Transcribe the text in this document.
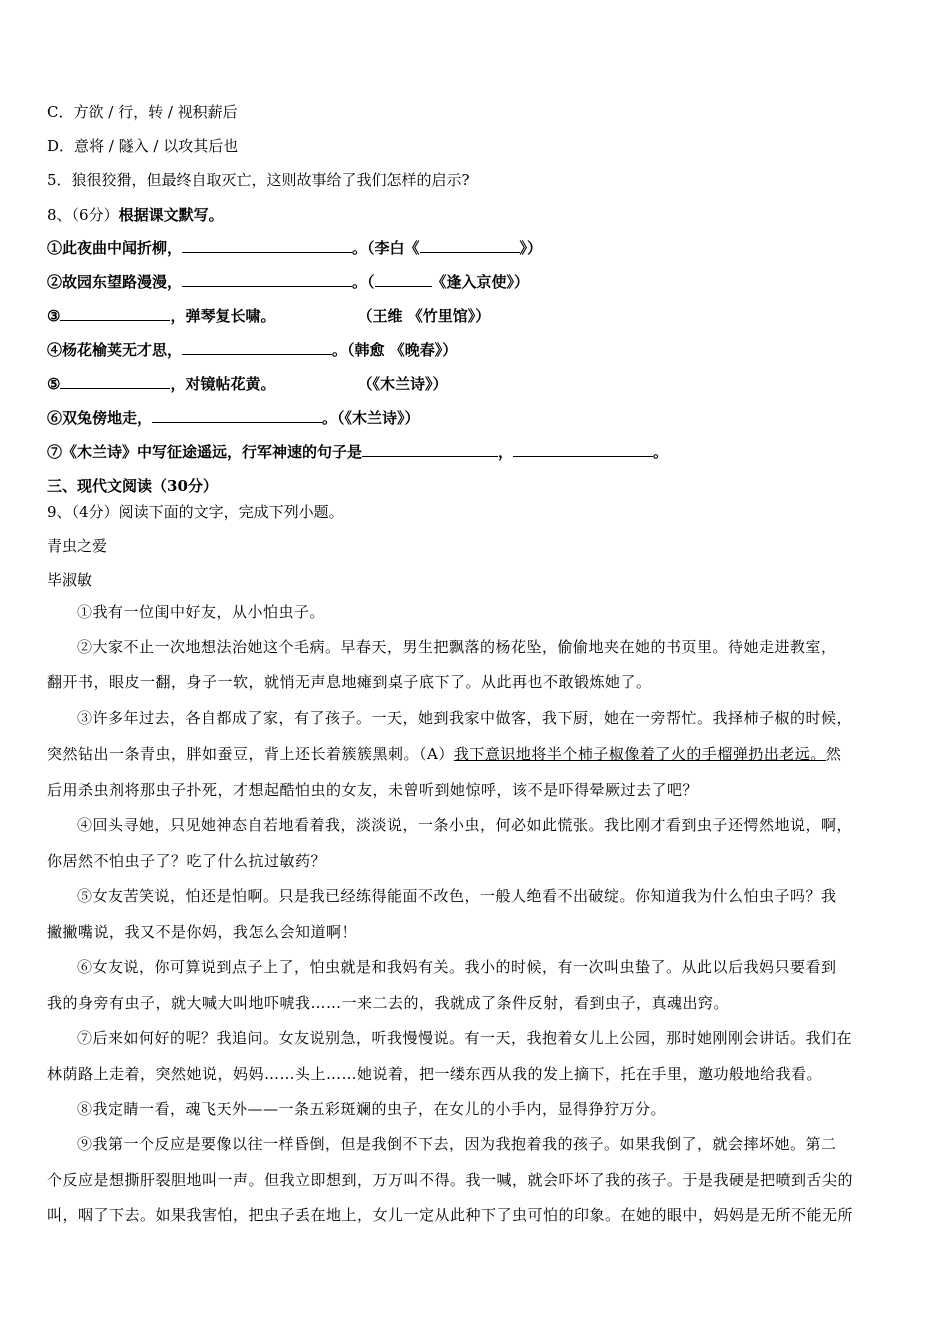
C．方欲 / 行，转 / 视积薪后
D．意将 / 隧入 / 以攻其后也
5．狼很狡猾，但最终自取灭亡，这则故事给了我们怎样的启示?
8、（6分）根据课文默写。
①此夜曲中闻折柳，	。（李白《	》）
②故园东望路漫漫，	。（	《逢入京使》）
③	，弹琴复长啸。	（王维 《竹里馆》）
④杨花榆荚无才思，	。（韩愈 《晚春》）
⑤	，对镜帖花黄。	（《木兰诗》）
⑥双兔傍地走，	。（《木兰诗》）
⑦《木兰诗》中写征途遥远，行军神速的句子是	，	。
三、现代文阅读（30分）
9、（4分）阅读下面的文字，完成下列小题。
青虫之爱
毕淑敏
①我有一位闺中好友，从小怕虫子。
②大家不止一次地想法治她这个毛病。早春天，男生把飘落的杨花坠，偷偷地夹在她的书页里。待她走进教室，
翻开书，眼皮一翻，身子一软，就悄无声息地瘫到桌子底下了。从此再也不敢锻炼她了。
③许多年过去，各自都成了家，有了孩子。一天，她到我家中做客，我下厨，她在一旁帮忙。我择柿子椒的时候，
突然钻出一条青虫，胖如蚕豆，背上还长着簇簇黑刺。（A）我下意识地将半个柿子椒像着了火的手榴弹扔出老远。然
后用杀虫剂将那虫子扑死，才想起酷怕虫的女友，未曾听到她惊呼，该不是吓得晕厥过去了吧？
④回头寻她，只见她神态自若地看着我，淡淡说，一条小虫，何必如此慌张。我比刚才看到虫子还愕然地说，啊，
你居然不怕虫子了？吃了什么抗过敏药？
⑤女友苦笑说，怕还是怕啊。只是我已经练得能面不改色，一般人绝看不出破绽。你知道我为什么怕虫子吗？我
撇撇嘴说，我又不是你妈，我怎么会知道啊！
⑥女友说，你可算说到点子上了，怕虫就是和我妈有关。我小的时候，有一次叫虫蛰了。从此以后我妈只要看到
我的身旁有虫子，就大喊大叫地吓唬我……一来二去的，我就成了条件反射，看到虫子，真魂出窍。
⑦后来如何好的呢？我追问。女友说别急，听我慢慢说。有一天，我抱着女儿上公园，那时她刚刚会讲话。我们在
林荫路上走着，突然她说，妈妈……头上……她说着，把一缕东西从我的发上摘下，托在手里，邀功般地给我看。
⑧我定睛一看，魂飞天外——一条五彩斑斓的虫子，在女儿的小手内，显得狰狞万分。
⑨我第一个反应是要像以往一样昏倒，但是我倒不下去，因为我抱着我的孩子。如果我倒了，就会摔坏她。第二
个反应是想撕肝裂胆地叫一声。但我立即想到，万万叫不得。我一喊，就会吓坏了我的孩子。于是我硬是把喷到舌尖的
叫，咽了下去。如果我害怕，把虫子丢在地上，女儿一定从此种下了虫可怕的印象。在她的眼中，妈妈是无所不能无所
